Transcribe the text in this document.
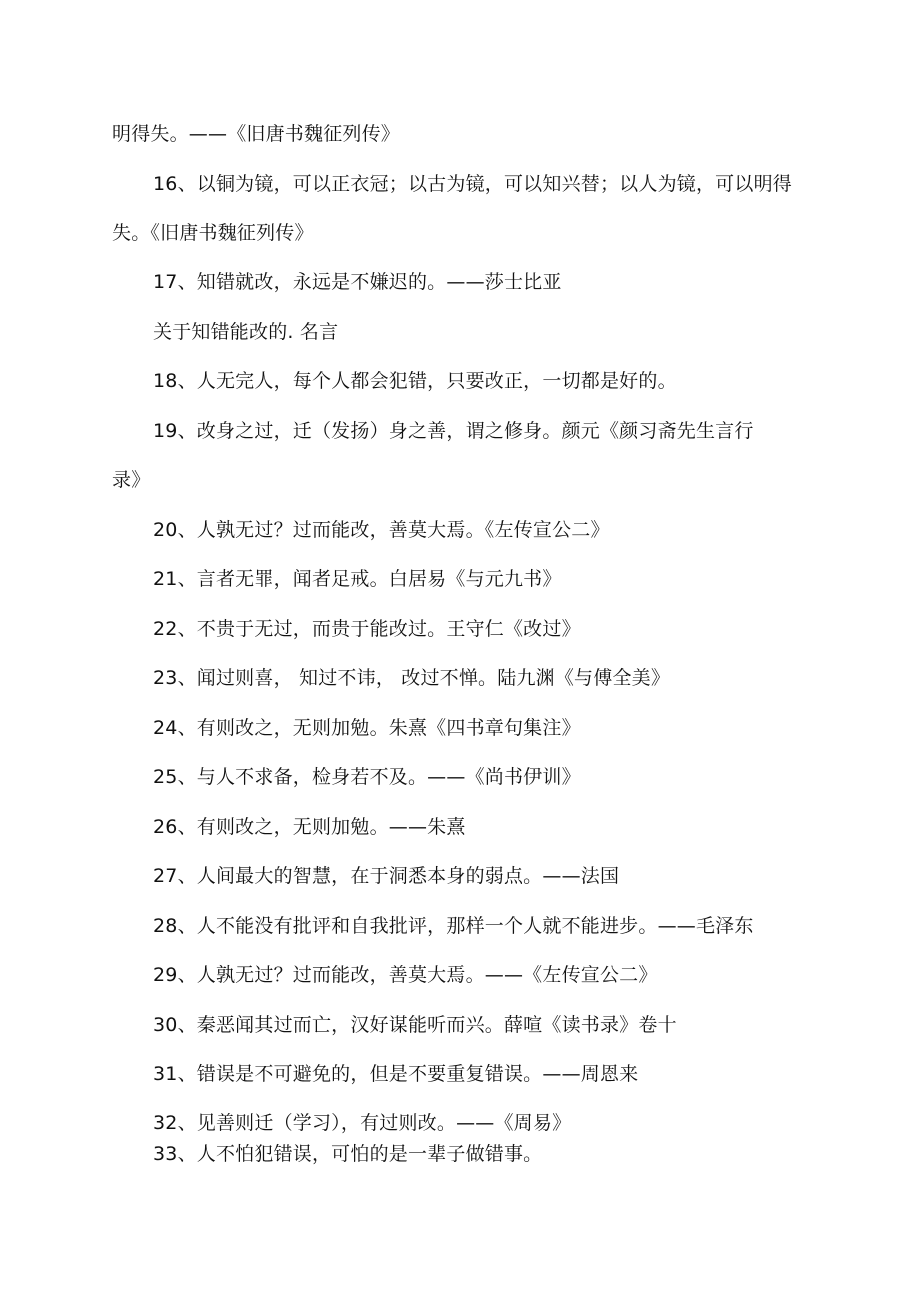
明得失。——《旧唐书魏征列传》
16、以铜为镜，可以正衣冠；以古为镜，可以知兴替；以人为镜，可以明得
失。《旧唐书魏征列传》
17、知错就改，永远是不嫌迟的。——莎士比亚
关于知错能改的. 名言
18、人无完人，每个人都会犯错，只要改正，一切都是好的。
19、改身之过，迁（发扬）身之善，谓之修身。颜元《颜习斋先生言行
录》
20、人孰无过？过而能改，善莫大焉。《左传宣公二》
21、言者无罪，闻者足戒。白居易《与元九书》
22、不贵于无过，而贵于能改过。王守仁《改过》
23、闻过则喜， 知过不讳， 改过不惮。陆九渊《与傅全美》
24、有则改之，无则加勉。朱熹《四书章句集注》
25、与人不求备，检身若不及。——《尚书伊训》
26、有则改之，无则加勉。——朱熹
27、人间最大的智慧，在于洞悉本身的弱点。——法国
28、人不能没有批评和自我批评，那样一个人就不能进步。——毛泽东
29、人孰无过？过而能改，善莫大焉。——《左传宣公二》
30、秦恶闻其过而亡，汉好谋能听而兴。薛喧《读书录》卷十
31、错误是不可避免的，但是不要重复错误。——周恩来
32、见善则迁（学习），有过则改。——《周易》
33、人不怕犯错误，可怕的是一辈子做错事。
